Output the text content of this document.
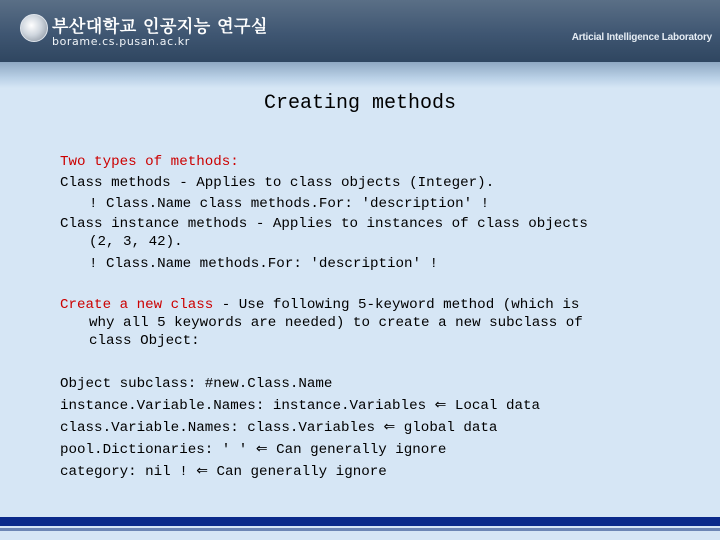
부산대학교 인공지능 연구실

borame.cs.pusan.ac.kr	Articial Intelligence Laboratory

Creating methods

Two types of methods:

Class methods - Applies to class objects (Integer).

! Class.Name class methods.For: 'description' !

Class instance methods - Applies to instances of class objects

(2, 3, 42).

! Class.Name methods.For: 'description' !

Create a new class - Use following 5-keyword method (which is

why all 5 keywords are needed) to create a new subclass of

class Object:

Object subclass: #new.Class.Name

instance.Variable.Names: instance.Variables ⇐ Local data

class.Variable.Names: class.Variables ⇐ global data

pool.Dictionaries: ' ' ⇐ Can generally ignore

category: nil ! ⇐ Can generally ignore
